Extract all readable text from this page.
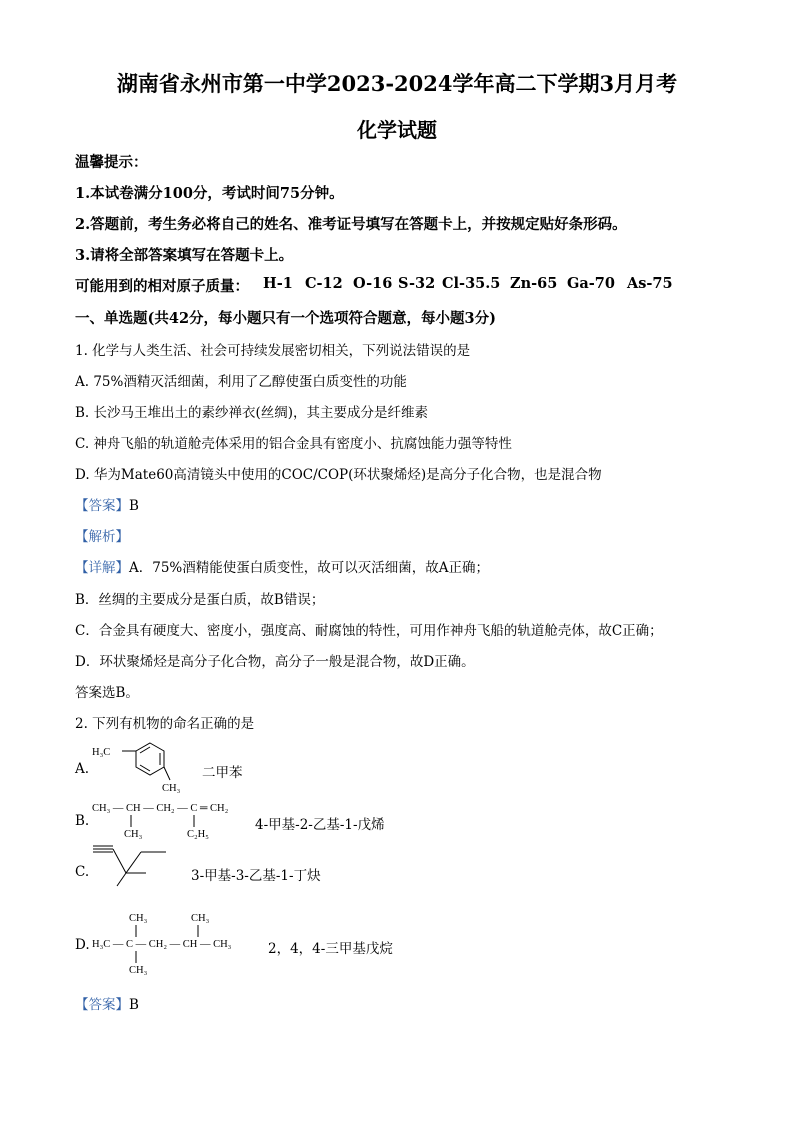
湖南省永州市第一中学2023-2024学年高二下学期3月月考
化学试题
温馨提示：
1.本试卷满分100分，考试时间75分钟。
2.答题前，考生务必将自己的姓名、准考证号填写在答题卡上，并按规定贴好条形码。
3.请将全部答案填写在答题卡上。
可能用到的相对原子质量： H-1 C-12 O-16 S-32 Cl-35.5 Zn-65 Ga-70 As-75
一、单选题(共42分，每小题只有一个选项符合题意，每小题3分)
1. 化学与人类生活、社会可持续发展密切相关，下列说法错误的是
A. 75%酒精灭活细菌，利用了乙醇使蛋白质变性的功能
B. 长沙马王堆出土的素纱禅衣(丝绸)，其主要成分是纤维素
C. 神舟飞船的轨道舱壳体采用的铝合金具有密度小、抗腐蚀能力强等特性
D. 华为Mate60高清镜头中使用的COC/COP(环状聚烯烃)是高分子化合物，也是混合物
【答案】B
【解析】
【详解】A．75%酒精能使蛋白质变性，故可以灭活细菌，故A正确；
B．丝绸的主要成分是蛋白质，故B错误；
C．合金具有硬度大、密度小，强度高、耐腐蚀的特性，可用作神舟飞船的轨道舱壳体，故C正确；
D．环状聚烯烃是高分子化合物，高分子一般是混合物，故D正确。
答案选B。
2. 下列有机物的命名正确的是
A.
H₃C
CH₃
二甲苯
B.
CH₃ — CH — CH₂ — C ═ CH₂
CH₃	C₂H₅
4-甲基-2-乙基-1-戊烯
C.	3-甲基-3-乙基-1-丁炔
D.
CH₃	CH₃
H₃C — C — CH₂ — CH — CH₃
CH₃
2，4，4-三甲基戊烷
【答案】B
